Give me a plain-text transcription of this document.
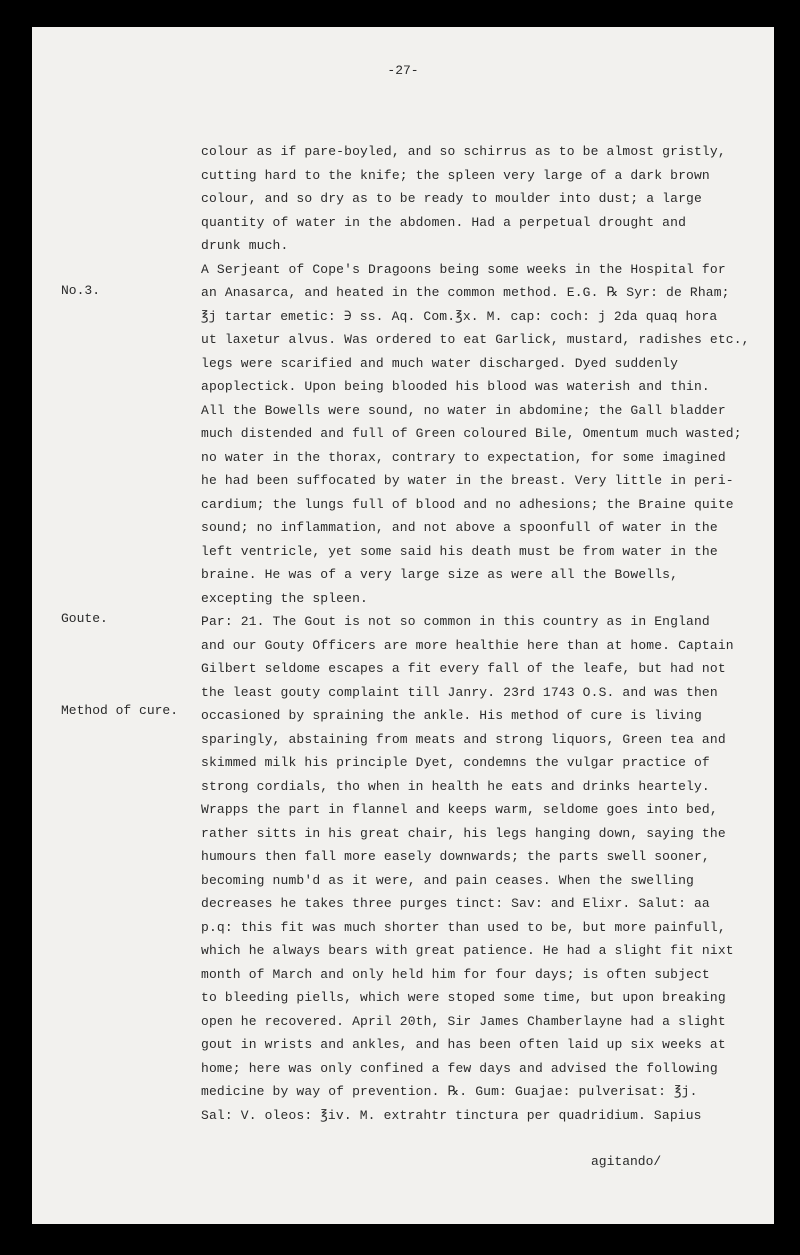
-27-
No.3.
Goute.
Method of cure.
colour as if pare-boyled, and so schirrus as to be almost gristly,
cutting hard to the knife; the spleen very large of a dark brown
colour, and so dry as to be ready to moulder into dust; a large
quantity of water in the abdomen. Had a perpetual drought and
drunk much.
A Serjeant of Cope's Dragoons being some weeks in the Hospital for
an Anasarca, and heated in the common method. E.G. ℞ Syr: de Rham;
℥j tartar emetic: ∋ ss. Aq. Com.℥x. M. cap: coch: j 2da quaq hora
ut laxetur alvus. Was ordered to eat Garlick, mustard, radishes etc.,
legs were scarified and much water discharged. Dyed suddenly
apoplectick. Upon being blooded his blood was waterish and thin.
All the Bowells were sound, no water in abdomine; the Gall bladder
much distended and full of Green coloured Bile, Omentum much wasted;
no water in the thorax, contrary to expectation, for some imagined
he had been suffocated by water in the breast. Very little in peri-
cardium; the lungs full of blood and no adhesions; the Braine quite
sound; no inflammation, and not above a spoonfull of water in the
left ventricle, yet some said his death must be from water in the
braine. He was of a very large size as were all the Bowells,
excepting the spleen.
Par: 21. The Gout is not so common in this country as in England
and our Gouty Officers are more healthie here than at home. Captain
Gilbert seldome escapes a fit every fall of the leafe, but had not
the least gouty complaint till Janry. 23rd 1743 O.S. and was then
occasioned by spraining the ankle. His method of cure is living
sparingly, abstaining from meats and strong liquors, Green tea and
skimmed milk his principle Dyet, condemns the vulgar practice of
strong cordials, tho when in health he eats and drinks heartely.
Wrapps the part in flannel and keeps warm, seldome goes into bed,
rather sitts in his great chair, his legs hanging down, saying the
humours then fall more easely downwards; the parts swell sooner,
becoming numb'd as it were, and pain ceases. When the swelling
decreases he takes three purges tinct: Sav: and Elixr. Salut: aa
p.q: this fit was much shorter than used to be, but more painfull,
which he always bears with great patience. He had a slight fit nixt
month of March and only held him for four days; is often subject
to bleeding piells, which were stoped some time, but upon breaking
open he recovered. April 20th, Sir James Chamberlayne had a slight
gout in wrists and ankles, and has been often laid up six weeks at
home; here was only confined a few days and advised the following
medicine by way of prevention. ℞. Gum: Guajae: pulverisat: ℥j.
Sal: V. oleos: ℥iv. M. extrahtr tinctura per quadridium. Sapius
agitando/
